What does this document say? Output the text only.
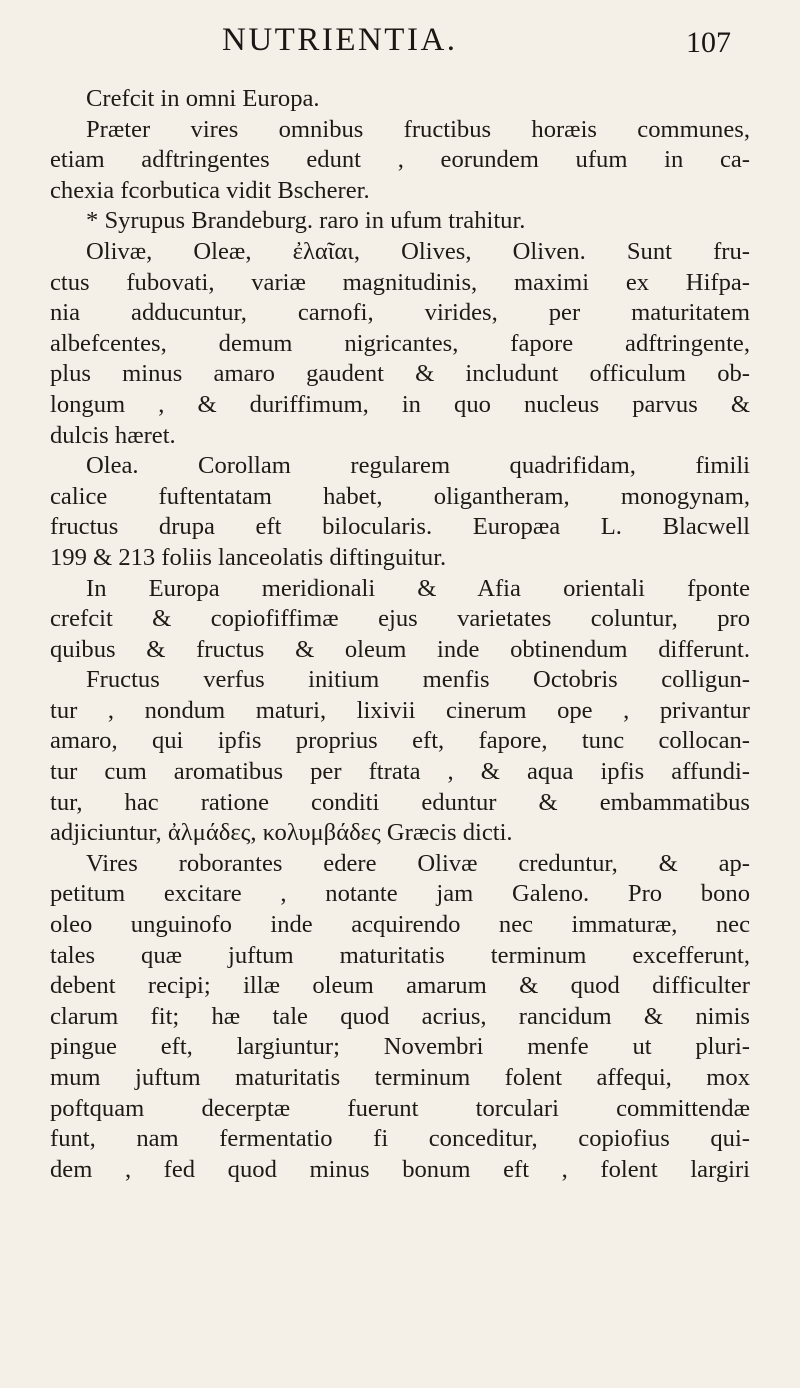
NUTRIENTIA.	107
Crefcit in omni Europa.
Præter vires omnibus fructibus horæis communes,
etiam adftringentes edunt , eorundem ufum in ca-
chexia fcorbutica vidit Bscherer.
* Syrupus Brandeburg. raro in ufum trahitur.
Olivæ, Oleæ, ἐλαῖαι, Olives, Oliven. Sunt fru-
ctus fubovati, variæ magnitudinis, maximi ex Hifpa-
nia adducuntur, carnofi, virides, per maturitatem
albefcentes, demum nigricantes, fapore adftringente,
plus minus amaro gaudent & includunt officulum ob-
longum , & duriffimum, in quo nucleus parvus &
dulcis hæret.
Olea. Corollam regularem quadrifidam, fimili
calice fuftentatam habet, oligantheram, monogynam,
fructus drupa eft bilocularis. Europæa L. Blacwell
199 & 213 foliis lanceolatis diftinguitur.
In Europa meridionali & Afia orientali fponte
crefcit & copiofiffimæ ejus varietates coluntur, pro
quibus & fructus & oleum inde obtinendum differunt.
Fructus verfus initium menfis Octobris colligun-
tur , nondum maturi, lixivii cinerum ope , privantur
amaro, qui ipfis proprius eft, fapore, tunc collocan-
tur cum aromatibus per ftrata , & aqua ipfis affundi-
tur, hac ratione conditi eduntur & embammatibus
adjiciuntur, ἀλμάδες, κολυμβάδες Græcis dicti.
Vires roborantes edere Olivæ creduntur, & ap-
petitum excitare , notante jam Galeno. Pro bono
oleo unguinofo inde acquirendo nec immaturæ, nec
tales quæ juftum maturitatis terminum excefferunt,
debent recipi; illæ oleum amarum & quod difficulter
clarum fit; hæ tale quod acrius, rancidum & nimis
pingue eft, largiuntur; Novembri menfe ut pluri-
mum juftum maturitatis terminum folent affequi, mox
poftquam decerptæ fuerunt torculari committendæ
funt, nam fermentatio fi conceditur, copiofius qui-
dem , fed quod minus bonum eft , folent largiri
